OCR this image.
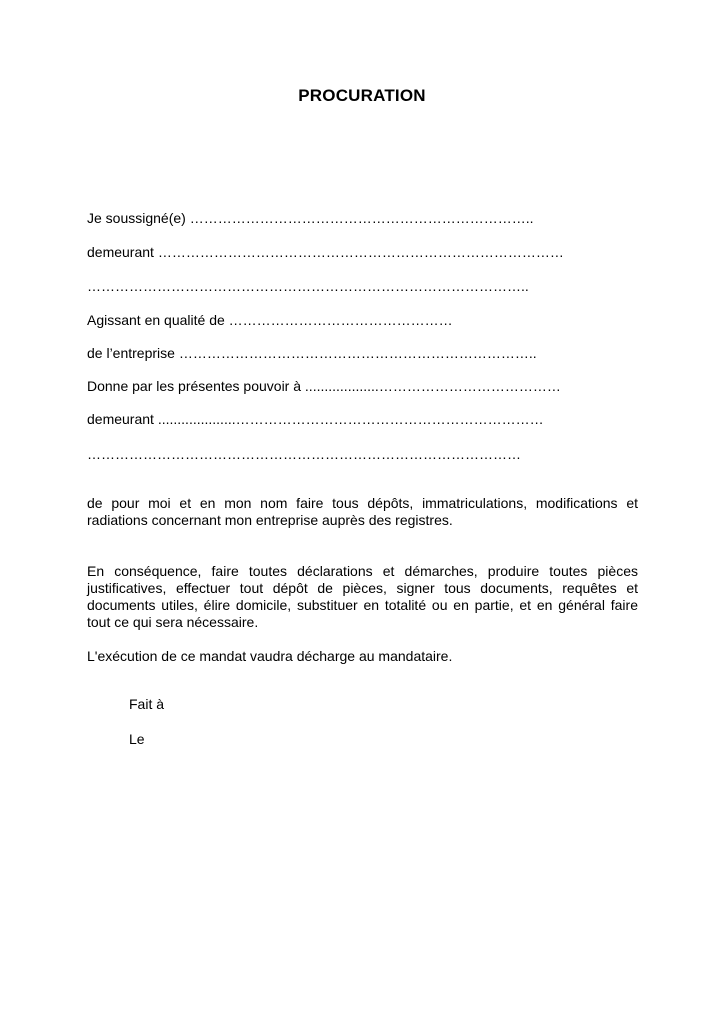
PROCURATION
Je soussigné(e) ………………………………………………………………..
demeurant ……………………………………………………………………………
…………………………………………………………………………………..
Agissant en qualité de …………………………………………
de l’entreprise …………………………………………………………………..
Donne par les présentes pouvoir à ...................…………………………………
demeurant ....................…………………………………………………………
…………………………………………………………………………………
de pour moi et en mon nom faire tous dépôts, immatriculations, modifications et radiations concernant mon entreprise auprès des registres.
En conséquence, faire toutes déclarations et démarches, produire toutes pièces justificatives, effectuer tout dépôt de pièces, signer tous documents, requêtes et documents utiles, élire domicile, substituer en totalité ou en partie, et en général faire tout ce qui sera nécessaire.
L'exécution de ce mandat vaudra décharge au mandataire.
Fait à
Le
